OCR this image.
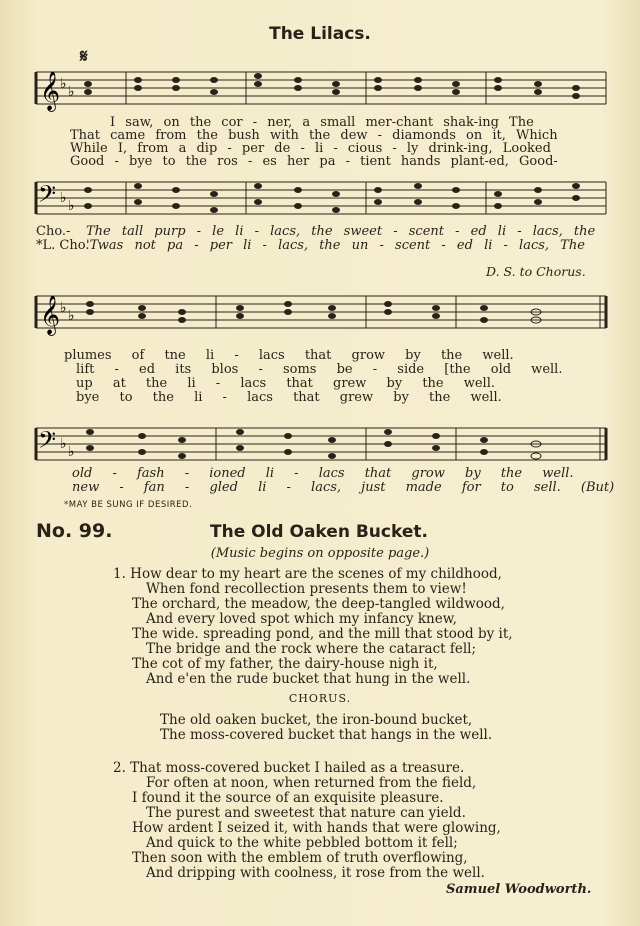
The Lilacs.
𝄋
𝄞 ♭ ♭
I saw, on the cor - ner, a small mer-chant shak-ing The
That came from the bush with the dew - diamonds on it, Which
While I, from a dip - per de - li - cious - ly drink-ing, Looked
Good - bye to the ros - es her pa - tient hands plant-ed, Good-
𝄢 ♭ ♭
Cho.- The tall purp - le li - lacs, the sweet - scent - ed li - lacs, the
*L. Cho.
'Twas not pa - per li - lacs, the un - scent - ed li - lacs, The
D. S. to Chorus.
𝄞 ♭ ♭
plumes of tne li - lacs that grow by the well.
lift - ed its blos - soms be - side [the old well.
up at the li - lacs that grew by the well.
bye to the li - lacs that grew by the well.
𝄢 ♭ ♭
old - fash - ioned li - lacs that grow by the well.
new - fan - gled li - lacs, just made for to sell. (But)
*MAY BE SUNG IF DESIRED.
No. 99.	The Old Oaken Bucket.
(Music begins on opposite page.)
1. How dear to my heart are the scenes of my childhood,
When fond recollection presents them to view!
The orchard, the meadow, the deep-tangled wildwood,
And every loved spot which my infancy knew,
The wide. spreading pond, and the mill that stood by it,
The bridge and the rock where the cataract fell;
The cot of my father, the dairy-house nigh it,
And e'en the rude bucket that hung in the well.
CHORUS.
The old oaken bucket, the iron-bound bucket,
The moss-covered bucket that hangs in the well.
2. That moss-covered bucket I hailed as a treasure.
For often at noon, when returned from the field,
I found it the source of an exquisite pleasure.
The purest and sweetest that nature can yield.
How ardent I seized it, with hands that were glowing,
And quick to the white pebbled bottom it fell;
Then soon with the emblem of truth overflowing,
And dripping with coolness, it rose from the well.
Samuel Woodworth.
